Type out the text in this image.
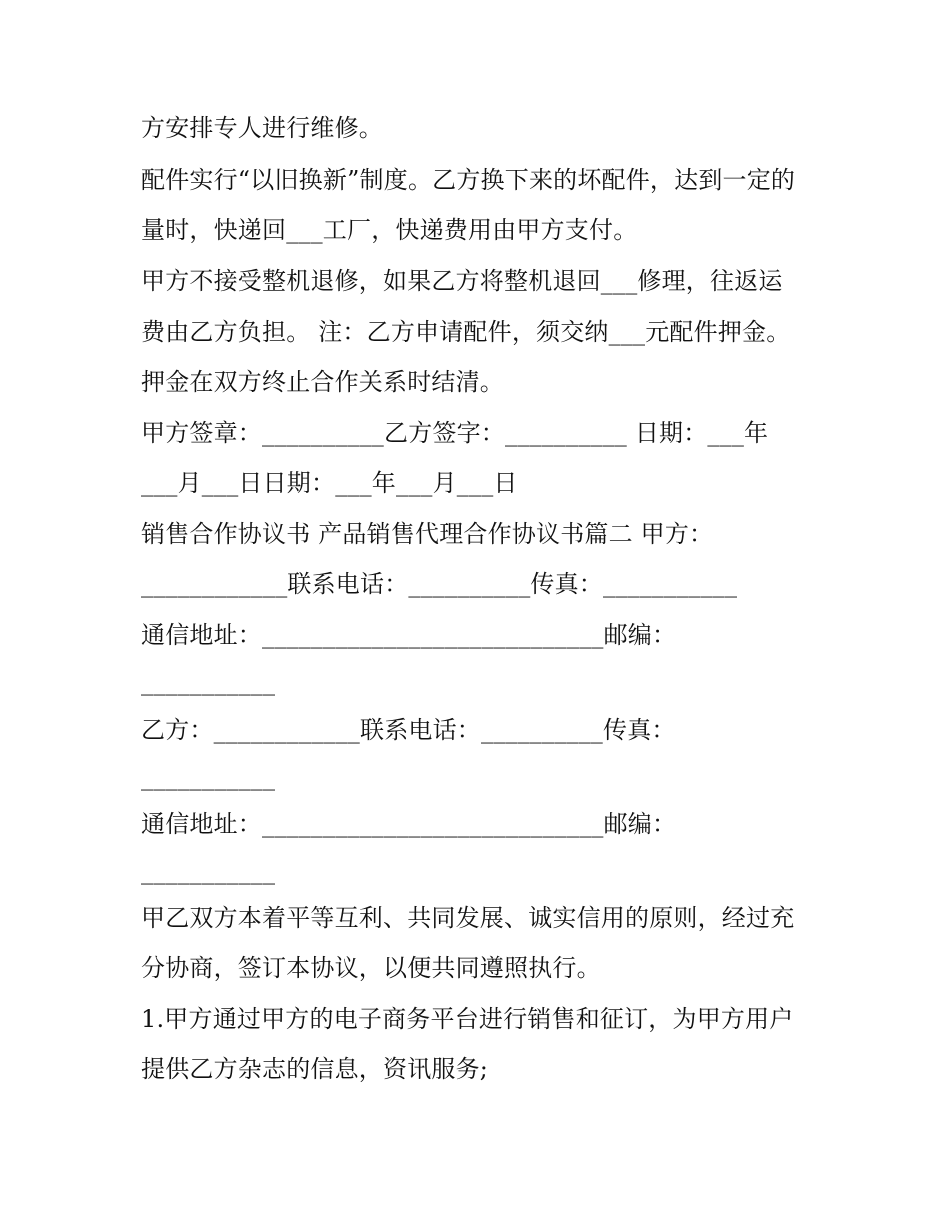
方安排专人进行维修。
配件实行“以旧换新”制度。乙方换下来的坏配件，达到一定的
量时，快递回___工厂，快递费用由甲方支付。
甲方不接受整机退修，如果乙方将整机退回___修理，往返运
费由乙方负担。 注：乙方申请配件，须交纳___元配件押金。
押金在双方终止合作关系时结清。
甲方签章：__________乙方签字：__________ 日期：___年
___月___日日期：___年___月___日
销售合作协议书 产品销售代理合作协议书篇二 甲方：
____________联系电话：__________传真：___________
通信地址：____________________________邮编：
___________
乙方：____________联系电话：__________传真：
___________
通信地址：____________________________邮编：
___________
甲乙双方本着平等互利、共同发展、诚实信用的原则，经过充
分协商，签订本协议，以便共同遵照执行。
1.甲方通过甲方的电子商务平台进行销售和征订，为甲方用户
提供乙方杂志的信息，资讯服务;
